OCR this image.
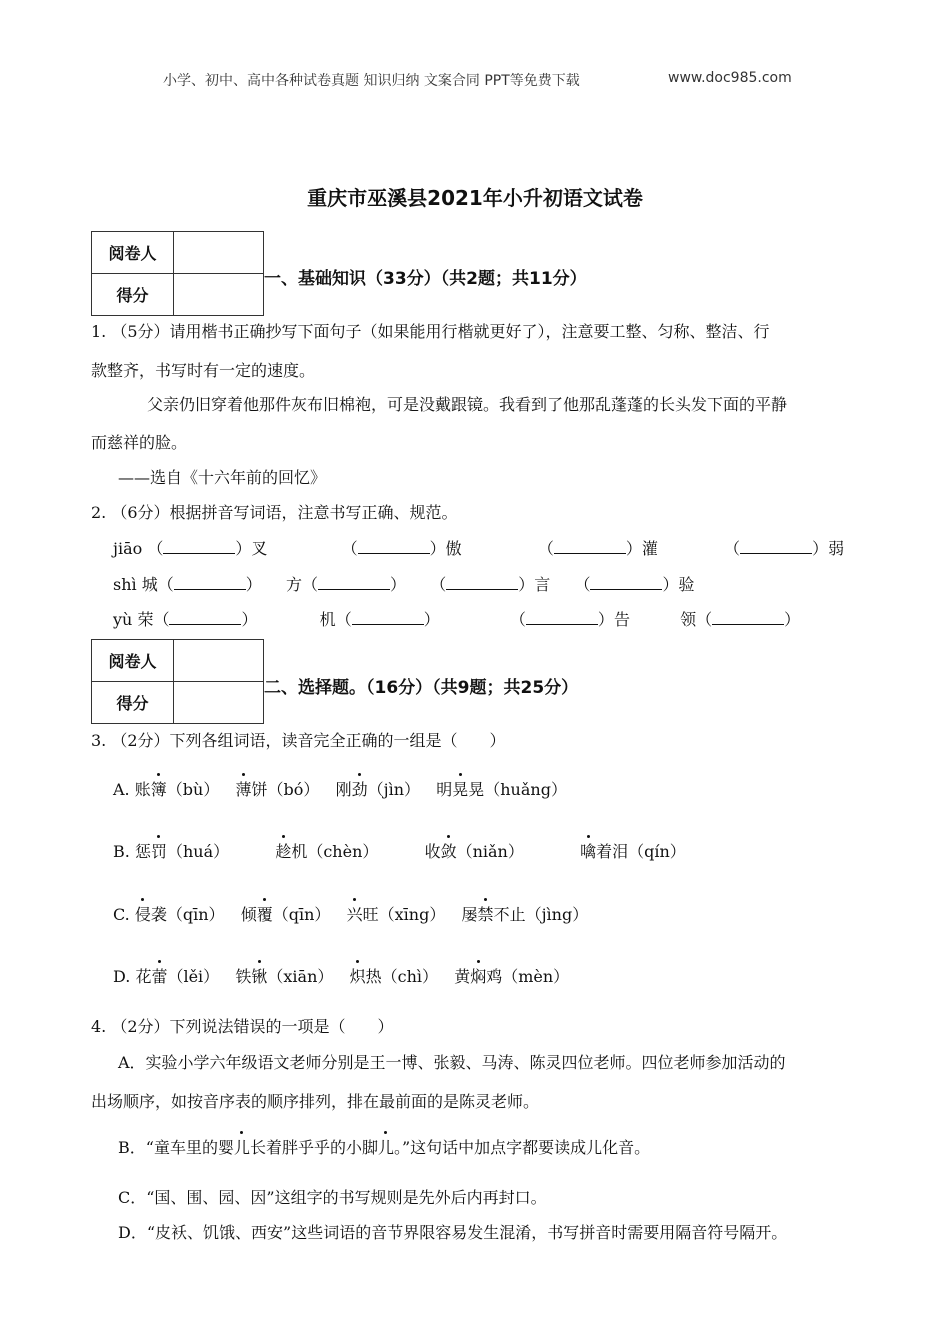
小学、初中、高中各种试卷真题 知识归纳 文案合同 PPT等免费下载	www.doc985.com
重庆市巫溪县2021年小升初语文试卷
阅卷人	
得分	
一、基础知识（33分）（共2题；共11分）
1. （5分）请用楷书正确抄写下面句子（如果能用行楷就更好了），注意要工整、匀称、整洁、行
款整齐，书写时有一定的速度。
父亲仍旧穿着他那件灰布旧棉袍，可是没戴跟镜。我看到了他那乱蓬蓬的长头发下面的平静
而慈祥的脸。
——选自《十六年前的回忆》
2. （6分）根据拼音写词语，注意书写正确、规范。
jiāo （	）叉	（	）傲	（	）灌	（	）弱
shì 城（	） 方（	） （	）言 （	）验
yù 荣（	）	机（	）	（	）告	领（	）
阅卷人	
得分	
二、选择题。（16分）（共9题；共25分）
3. （2分）下列各组词语，读音完全正确的一组是（　　）
A. 账簿（bù） 薄饼（bó） 刚劲（jìn） 明晃晃（huǎng）
B. 惩罚（huá）	趁机（chèn）	收敛（niǎn）	噙着泪（qín）
C. 侵袭（qīn） 倾覆（qīn） 兴旺（xīng） 屡禁不止（jìng）
D. 花蕾（lěi） 铁锹（xiān） 炽热（chì） 黄焖鸡（mèn）
4. （2分）下列说法错误的一项是（　　）
A．实验小学六年级语文老师分别是王一博、张毅、马涛、陈灵四位老师。四位老师参加活动的
出场顺序，如按音序表的顺序排列，排在最前面的是陈灵老师。
B．“童车里的婴儿长着胖乎乎的小脚儿。”这句话中加点字都要读成儿化音。
C．“国、围、园、因”这组字的书写规则是先外后内再封口。
D．“皮袄、饥饿、西安”这些词语的音节界限容易发生混淆，书写拼音时需要用隔音符号隔开。
